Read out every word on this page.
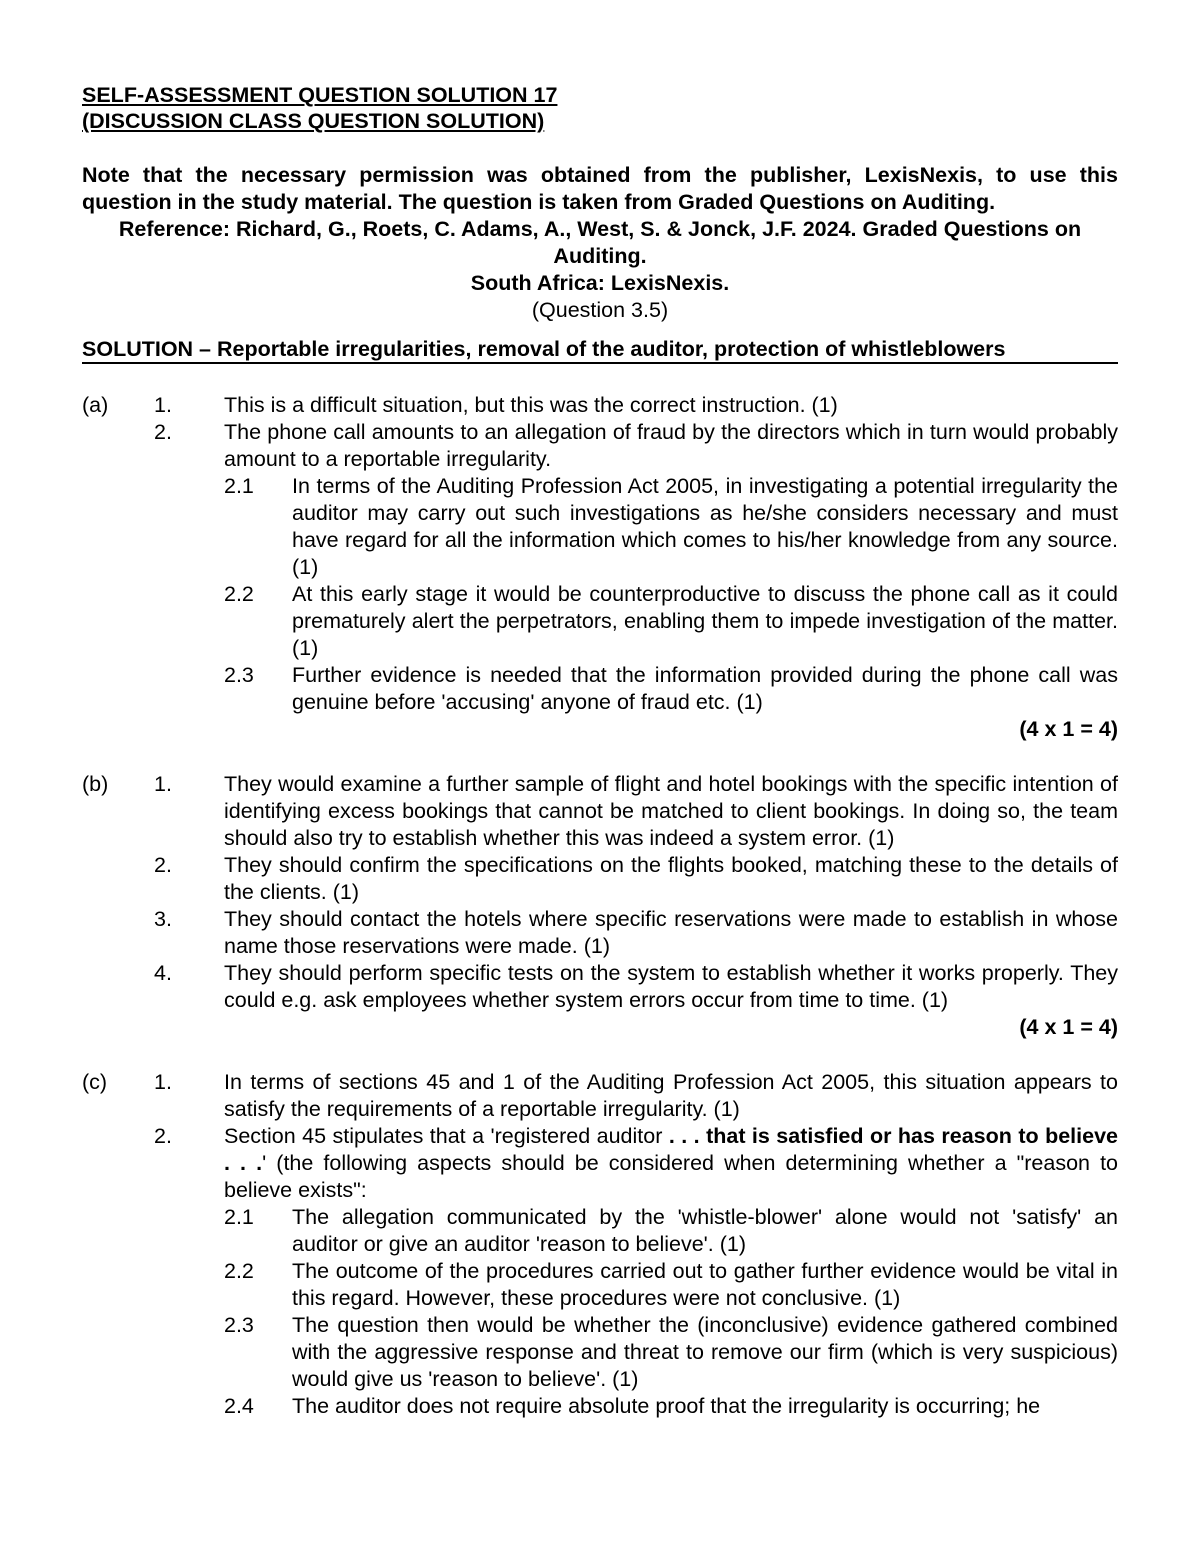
SELF-ASSESSMENT QUESTION SOLUTION 17
(DISCUSSION CLASS QUESTION SOLUTION)
Note that the necessary permission was obtained from the publisher, LexisNexis, to use this question in the study material. The question is taken from Graded Questions on Auditing.
Reference: Richard, G., Roets, C. Adams, A., West, S. & Jonck, J.F. 2024. Graded Questions on Auditing.
South Africa: LexisNexis.
(Question 3.5)
SOLUTION – Reportable irregularities, removal of the auditor, protection of whistleblowers
(a) 1. This is a difficult situation, but this was the correct instruction. (1)
2. The phone call amounts to an allegation of fraud by the directors which in turn would probably amount to a reportable irregularity.
2.1	In terms of the Auditing Profession Act 2005, in investigating a potential irregularity the auditor may carry out such investigations as he/she considers necessary and must have regard for all the information which comes to his/her knowledge from any source. (1)
2.2	At this early stage it would be counterproductive to discuss the phone call as it could prematurely alert the perpetrators, enabling them to impede investigation of the matter. (1)
2.3	Further evidence is needed that the information provided during the phone call was genuine before 'accusing' anyone of fraud etc. (1)
(4 x 1 = 4)
(b) 1. They would examine a further sample of flight and hotel bookings with the specific intention of identifying excess bookings that cannot be matched to client bookings. In doing so, the team should also try to establish whether this was indeed a system error. (1)
2. They should confirm the specifications on the flights booked, matching these to the details of the clients. (1)
3. They should contact the hotels where specific reservations were made to establish in whose name those reservations were made. (1)
4. They should perform specific tests on the system to establish whether it works properly. They could e.g. ask employees whether system errors occur from time to time. (1)
(4 x 1 = 4)
(c) 1. In terms of sections 45 and 1 of the Auditing Profession Act 2005, this situation appears to satisfy the requirements of a reportable irregularity. (1)
2. Section 45 stipulates that a 'registered auditor . . . that is satisfied or has reason to believe . . .' (the following aspects should be considered when determining whether a "reason to believe exists":
2.1	The allegation communicated by the 'whistle-blower' alone would not 'satisfy' an auditor or give an auditor 'reason to believe'. (1)
2.2	The outcome of the procedures carried out to gather further evidence would be vital in this regard. However, these procedures were not conclusive. (1)
2.3	The question then would be whether the (inconclusive) evidence gathered combined with the aggressive response and threat to remove our firm (which is very suspicious) would give us 'reason to believe'. (1)
2.4	The auditor does not require absolute proof that the irregularity is occurring; he
